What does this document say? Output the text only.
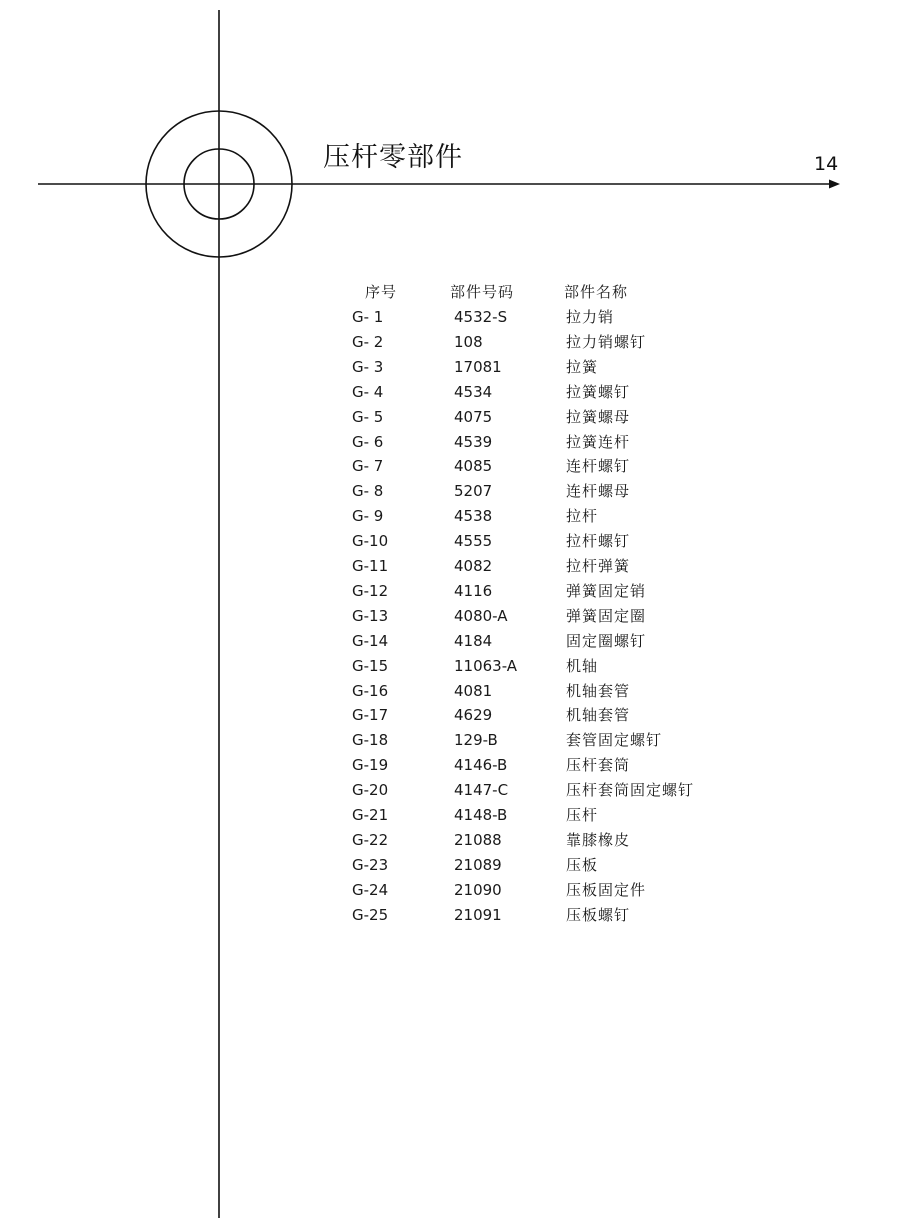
压杆零部件	14
序号	部件号码	部件名称
G- 1	4532-S	拉力销
G- 2	108	拉力销螺钉
G- 3	17081	拉簧
G- 4	4534	拉簧螺钉
G- 5	4075	拉簧螺母
G- 6	4539	拉簧连杆
G- 7	4085	连杆螺钉
G- 8	5207	连杆螺母
G- 9	4538	拉杆
G-10	4555	拉杆螺钉
G-11	4082	拉杆弹簧
G-12	4116	弹簧固定销
G-13	4080-A	弹簧固定圈
G-14	4184	固定圈螺钉
G-15	11063-A	机轴
G-16	4081	机轴套管
G-17	4629	机轴套管
G-18	129-B	套管固定螺钉
G-19	4146-B	压杆套筒
G-20	4147-C	压杆套筒固定螺钉
G-21	4148-B	压杆
G-22	21088	靠膝橡皮
G-23	21089	压板
G-24	21090	压板固定件
G-25	21091	压板螺钉
